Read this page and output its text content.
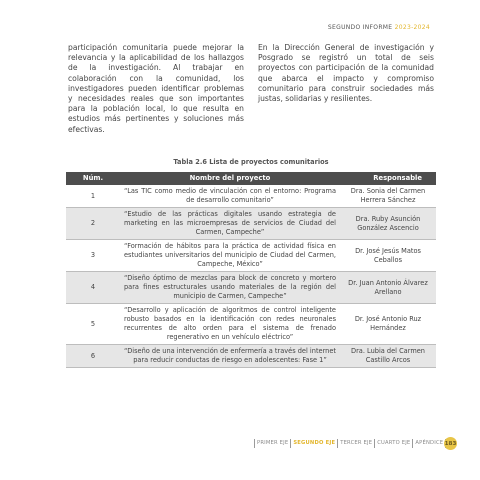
SEGUNDO INFORME 2023-2024

participación comunitaria puede mejorar la relevancia y la aplicabilidad de los hallazgos de la investigación. Al trabajar en colaboración con la comunidad, los investigadores pueden identificar problemas y necesidades reales que son importantes para la población local, lo que resulta en estudios más pertinentes y soluciones más efectivas.

En la Dirección General de investigación y Posgrado se registró un total de seis proyectos con participación de la comunidad que abarca el impacto y compromiso comunitario para construir sociedades más justas, solidarias y resilientes.

Tabla 2.6 Lista de proyectos comunitarios
Núm.	Nombre del proyecto	Responsable
1	“Las TIC como medio de vinculación con el entorno: Programa de desarrollo comunitario”	Dra. Sonia del Carmen Herrera Sánchez
2	“Estudio de las prácticas digitales usando estrategia de marketing en las microempresas de servicios de Ciudad del Carmen, Campeche”	Dra. Ruby Asunción González Ascencio
3	“Formación de hábitos para la práctica de actividad física en estudiantes universitarios del municipio de Ciudad del Carmen, Campeche, México”	Dr. José Jesús Matos Ceballos
4	“Diseño óptimo de mezclas para block de concreto y mortero para fines estructurales usando materiales de la región del municipio de Carmen, Campeche”	Dr. Juan Antonio Álvarez Arellano
5	“Desarrollo y aplicación de algoritmos de control inteligente robusto basados en la identificación con redes neuronales recurrentes de alto orden para el sistema de frenado regenerativo en un vehículo eléctrico”	Dr. José Antonio Ruz Hernández
6	“Diseño de una intervención de enfermería a través del internet para reducir conductas de riesgo en adolescentes: Fase 1”	Dra. Lubia del Carmen Castillo Arcos
PRIMER EJE SEGUNDO EJE TERCER EJE CUARTO EJE APÉNDICE 183
